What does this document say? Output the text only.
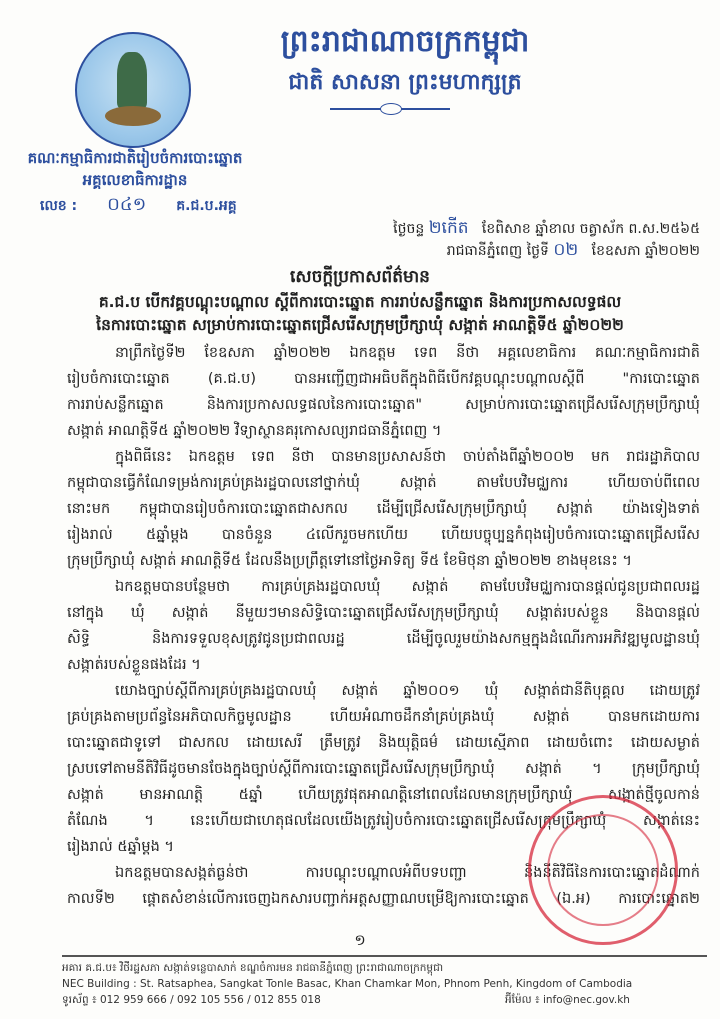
ព្រះរាជាណាចក្រកម្ពុជា
ជាតិ សាសនា ព្រះមហាក្សត្រ
គណៈកម្មាធិការជាតិរៀបចំការបោះឆ្នោត
អគ្គលេខាធិការដ្ឋាន
លេខ : ០៤១ គ.ជ.ប.អគ្គ
ថ្ងៃចន្ទ ២កើត ខែពិសាខ ឆ្នាំខាល ចត្វាស័ក ព.ស.២៥៦៥
រាជធានីភ្នំពេញ ថ្ងៃទី ០២ ខែឧសភា ឆ្នាំ២០២២
សេចក្តីប្រកាសព័ត៌មាន
គ.ជ.ប បើកវគ្គបណ្តុះបណ្តាល ស្តីពីការបោះឆ្នោត ការរាប់សន្លឹកឆ្នោត និងការប្រកាសលទ្ធផល
នៃការបោះឆ្នោត សម្រាប់ការបោះឆ្នោតជ្រើសរើសក្រុមប្រឹក្សាឃុំ សង្កាត់ អាណត្តិទី៥ ឆ្នាំ២០២២
នាព្រឹកថ្ងៃទី២ ខែឧសភា ឆ្នាំ២០២២ ឯកឧត្តម ទេព នីថា អគ្គលេខាធិការ គណៈកម្មាធិការជាតិ
រៀបចំការបោះឆ្នោត (គ.ជ.ប) បានអញ្ជើញជាអធិបតីក្នុងពិធីបើកវគ្គបណ្តុះបណ្តាលស្តីពី "ការបោះឆ្នោត
ការរាប់សន្លឹកឆ្នោត និងការប្រកាសលទ្ធផលនៃការបោះឆ្នោត" សម្រាប់ការបោះឆ្នោតជ្រើសរើសក្រុមប្រឹក្សាឃុំ
សង្កាត់ អាណត្តិទី៥ ឆ្នាំ២០២២ វិទ្យាស្ថានគរុកោសល្យរាជធានីភ្នំពេញ ។
ក្នុងពិធីនេះ ឯកឧត្តម ទេព នីថា បានមានប្រសាសន៍ថា ចាប់តាំងពីឆ្នាំ២០០២ មក រាជរដ្ឋាភិបាល
កម្ពុជាបានធ្វើកំណែទម្រង់ការគ្រប់គ្រងរដ្ឋបាលនៅថ្នាក់ឃុំ សង្កាត់ តាមបែបវិមជ្ឈការ ហើយចាប់ពីពេល
នោះមក កម្ពុជាបានរៀបចំការបោះឆ្នោតជាសកល ដើម្បីជ្រើសរើសក្រុមប្រឹក្សាឃុំ សង្កាត់ យ៉ាងទៀងទាត់
រៀងរាល់ ៥ឆ្នាំម្តង បានចំនួន ៤លើករួចមកហើយ ហើយបច្ចុប្បន្នកំពុងរៀបចំការបោះឆ្នោតជ្រើសរើស
ក្រុមប្រឹក្សាឃុំ សង្កាត់ អាណត្តិទី៥ ដែលនឹងប្រព្រឹត្តទៅនៅថ្ងៃអាទិត្យ ទី៥ ខែមិថុនា ឆ្នាំ២០២២ ខាងមុខនេះ ។
ឯកឧត្តមបានបន្ថែមថា ការគ្រប់គ្រងរដ្ឋបាលឃុំ សង្កាត់ តាមបែបវិមជ្ឈការបានផ្តល់ជូនប្រជាពលរដ្ឋ
នៅក្នុង ឃុំ សង្កាត់ នីមួយៗមានសិទ្ធិបោះឆ្នោតជ្រើសរើសក្រុមប្រឹក្សាឃុំ សង្កាត់របស់ខ្លួន និងបានផ្តល់
សិទ្ធិ និងការទទួលខុសត្រូវជូនប្រជាពលរដ្ឋ ដើម្បីចូលរួមយ៉ាងសកម្មក្នុងដំណើរការអភិវឌ្ឍមូលដ្ឋានឃុំ
សង្កាត់របស់ខ្លួនផងដែរ ។
យោងច្បាប់ស្តីពីការគ្រប់គ្រងរដ្ឋបាលឃុំ សង្កាត់ ឆ្នាំ២០០១ ឃុំ សង្កាត់ជានីតិបុគ្គល ដោយត្រូវ
គ្រប់គ្រងតាមប្រព័ន្ធនៃអភិបាលកិច្ចមូលដ្ឋាន ហើយអំណាចដឹកនាំគ្រប់គ្រងឃុំ សង្កាត់ បានមកដោយការ
បោះឆ្នោតជាទូទៅ ជាសកល ដោយសេរី ត្រឹមត្រូវ និងយុត្តិធម៌ ដោយស្មើភាព ដោយចំពោះ ដោយសម្ងាត់
ស្របទៅតាមនីតិវិធីដូចមានចែងក្នុងច្បាប់ស្តីពីការបោះឆ្នោតជ្រើសរើសក្រុមប្រឹក្សាឃុំ សង្កាត់ ។ ក្រុមប្រឹក្សាឃុំ
សង្កាត់ មានអាណត្តិ ៥ឆ្នាំ ហើយត្រូវផុតអាណត្តិនៅពេលដែលមានក្រុមប្រឹក្សាឃុំ សង្កាត់ថ្មីចូលកាន់
តំណែង ។ នេះហើយជាហេតុផលដែលយើងត្រូវរៀបចំការបោះឆ្នោតជ្រើសរើសក្រុមប្រឹក្សាឃុំ សង្កាត់នេះ
រៀងរាល់ ៥ឆ្នាំម្តង ។
ឯកឧត្តមបានសង្កត់ធ្ងន់ថា ការបណ្តុះបណ្តាលអំពីបទបញ្ជា និងនីតិវិធីនៃការបោះឆ្នោតដំណាក់
កាលទី២ ផ្តោតសំខាន់លើការចេញឯកសារបញ្ជាក់អត្តសញ្ញាណបម្រើឱ្យការបោះឆ្នោត (ឯ.អ) ការបោះឆ្នោត២
១
អគារ គ.ជ.ប៖ វិថីរដ្ឋសភា សង្កាត់ទន្លេបាសាក់ ខណ្ឌចំការមន រាជធានីភ្នំពេញ ព្រះរាជាណាចក្រកម្ពុជា
NEC Building : St. Ratsaphea, Sangkat Tonle Basac, Khan Chamkar Mon, Phnom Penh, Kingdom of Cambodia
ទូរស័ព្ទ ៖ 012 959 666 / 092 105 556 / 012 855 018	អ៊ីម៉ែល ៖ info@nec.gov.kh
